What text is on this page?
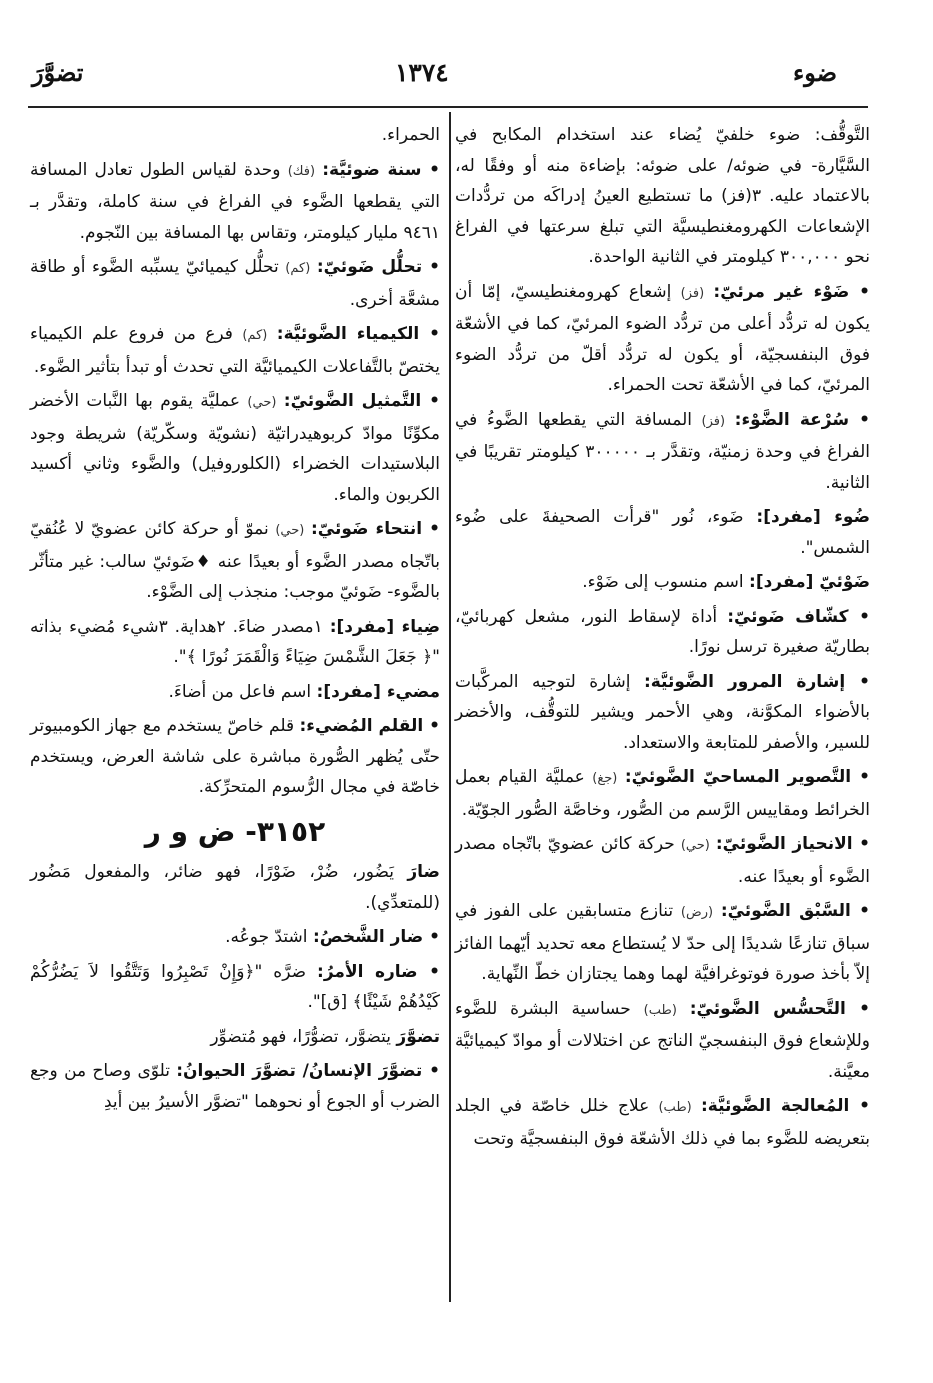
ضوء
١٣٧٤
تضوَّرَ

التَّوقُّف: ضوء خلفيّ يُضاء عند استخدام المكابح في السَّيَّارة- في ضوئه/ على ضوئه: بإضاءة منه أو وفقًا له، بالاعتماد عليه. ٣(فز) ما تستطيع العينُ إدراكَه من تردُّدات الإشعاعات الكهرومغنطيسيَّة التي تبلغ سرعتها في الفراغ نحو ٣٠٠,٠٠٠ كيلومتر في الثانية الواحدة.

• ضَوْء غير مرئيّ: (فز) إشعاع كهرومغنطيسيّ، إمّا أن يكون له تردُّد أعلى من تردُّد الضوء المرئيّ، كما في الأشعّة فوق البنفسجيّة، أو يكون له تردُّد أقلّ من تردُّد الضوء المرئيّ، كما في الأشعّة تحت الحمراء.

• سُرْعة الضَّوْء: (فز) المسافة التي يقطعها الضَّوءُ في الفراغ في وحدة زمنيّة، وتقدَّر بـ ٣٠٠٠٠٠ كيلومتر تقريبًا في الثانية.

ضُوء [مفرد]: ضَوء، نُور "قرأت الصحيفةَ على ضُوء الشمس".

ضَوْئيّ [مفرد]: اسم منسوب إلى ضَوْء.

• كشّاف ضَوئيّ: أداة لإسقاط النور، مشعل كهربائيّ، بطاريّة صغيرة ترسل نورًا.

• إشارة المرور الضَّوئيَّة: إشارة لتوجيه المركَّبات بالأضواء المكوَّنة، وهي الأحمر ويشير للتوقُّف، والأخضر للسير، والأصفر للمتابعة والاستعداد.

• التَّصوير المساحيّ الضَّوئيّ: (جغ) عمليَّة القيام بعمل الخرائط ومقاييس الرَّسم من الصُّور، وخاصَّة الصُّور الجوّيّة.

• الانحياز الضَّوئيّ: (حي) حركة كائن عضويّ باتّجاه مصدر الضَّوء أو بعيدًا عنه.

• السَّبْق الضَّوئيّ: (رض) تنازع متسابقين على الفوز في سباق تنازعًا شديدًا إلى حدّ لا يُستطاع معه تحديد أيّهما الفائز إلاّ بأخذ صورة فوتوغرافيَّة لهما وهما يجتازان خطّ النِّهاية.

• التَّحسُّس الضَّوئيّ: (طب) حساسية البشرة للضَّوء وللإشعاع فوق البنفسجيّ الناتج عن اختلالات أو موادّ كيميائيَّة معيَّنة.

• المُعالجة الضَّوئيَّة: (طب) علاج خلل خاصّة في الجلد بتعريضه للضَّوء بما في ذلك الأشعّة فوق البنفسجيَّة وتحت

الحمراء.

• سنة ضوئيَّة: (فك) وحدة لقياس الطول تعادل المسافة التي يقطعها الضَّوء في الفراغ في سنة كاملة، وتقدَّر بـ ٩٤٦١ مليار كيلومتر، وتقاس بها المسافة بين النّجوم.

• تحلُّل ضَوئيّ: (كم) تحلُّل كيميائيّ يسبِّبه الضَّوء أو طاقة مشعَّة أخرى.

• الكيمياء الضَّوئيَّة: (كم) فرع من فروع علم الكيمياء يختصّ بالتَّفاعلات الكيميائيَّة التي تحدث أو تبدأ بتأثير الضَّوء.

• التَّمثيل الضَّوئيّ: (حي) عمليَّة يقوم بها النَّبات الأخضر مكوِّنًا موادّ كربوهيدراتيّة (نشويّة وسكّريّة) شريطة وجود البلاستيدات الخضراء (الكلوروفيل) والضَّوء وثاني أكسيد الكربون والماء.

• انتحاء ضَوئيّ: (حي) نموّ أو حركة كائن عضويّ لا عُنُقيّ باتّجاه مصدر الضَّوء أو بعيدًا عنه ♦ضَوئيّ سالب: غير متأثّر بالضَّوء- ضَوئيّ موجب: منجذب إلى الضَّوْء.

ضِياء [مفرد]: ١مصدر ضاءَ. ٢هداية. ٣شيء مُضيء بذاته "﴿ جَعَلَ الشَّمْسَ ضِيَاءً وَالْقَمَرَ نُورًا ﴾".

مضيء [مفرد]: اسم فاعل من أضاءَ.

• القلم المُضيء: قلم خاصّ يستخدم مع جهاز الكومبيوتر حتّى يُظهر الصُّورة مباشرة على شاشة العرض، ويستخدم خاصّة في مجال الرُّسوم المتحرِّكة.

٣١٥٢- ض و ر

ضارَ يَضُور، ضُرْ، ضَوْرًا، فهو ضائر، والمفعول مَضُور (للمتعدِّي).

• ضار الشَّخصُ: اشتدّ جوعُه.

• ضاره الأمرُ: ضرَّه "﴿وَإِنْ تَصْبِرُوا وَتَتَّقُوا لاَ يَضُرُّكُمْ كَيْدُهُمْ شَيْئًا﴾ [ق]".

تضوَّرَ يتضوَّر، تضوُّرًا، فهو مُتضوِّر

• تضوَّرَ الإنسانُ/ تضوَّرَ الحيوانُ: تلوّى وصاح من وجع الضرب أو الجوع أو نحوهما "تضوَّر الأسيرُ بين أيدِ
